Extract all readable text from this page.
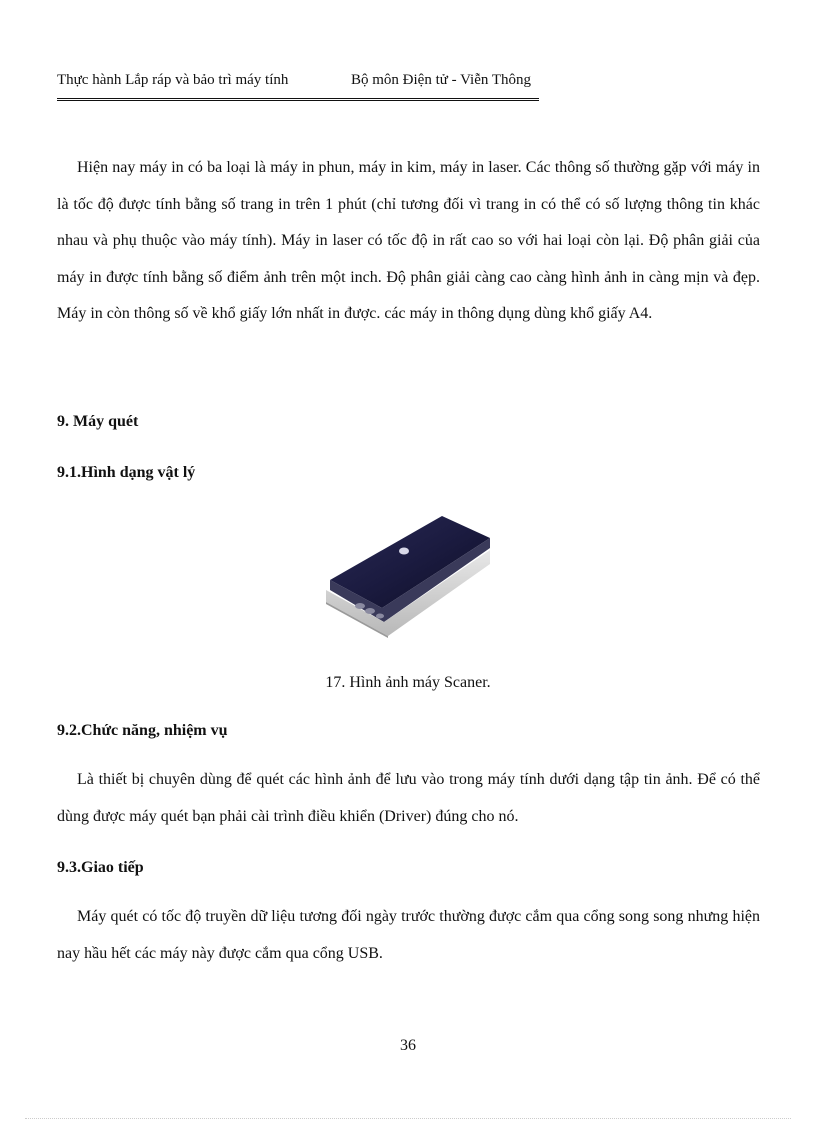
Thực hành Lắp ráp và bảo trì máy tính	Bộ môn Điện tử - Viễn Thông

Hiện nay máy in có ba loại là máy in phun, máy in kim, máy in laser. Các thông số thường gặp với máy in là tốc độ được tính bằng số trang in trên 1 phút (chỉ tương đối vì trang in có thể có số lượng thông tin khác nhau và phụ thuộc vào máy tính). Máy in laser có tốc độ in rất cao so với hai loại còn lại. Độ phân giải của máy in được tính bằng số điểm ảnh trên một inch. Độ phân giải càng cao càng hình ảnh in càng mịn và đẹp. Máy in còn thông số về khổ giấy lớn nhất in được. các máy in thông dụng dùng khổ giấy A4.

9. Máy quét
9.1.Hình dạng vật lý
17. Hình ảnh máy Scaner.
9.2.Chức năng, nhiệm vụ

Là thiết bị chuyên dùng để quét các hình ảnh để lưu vào trong máy tính dưới dạng tập tin ảnh. Để có thể dùng được máy quét bạn phải cài trình điều khiển (Driver) đúng cho nó.

9.3.Giao tiếp

Máy quét có tốc độ truyền dữ liệu tương đối ngày trước thường được cắm qua cổng song song nhưng hiện nay hầu hết các máy này được cắm qua cổng USB.

36
